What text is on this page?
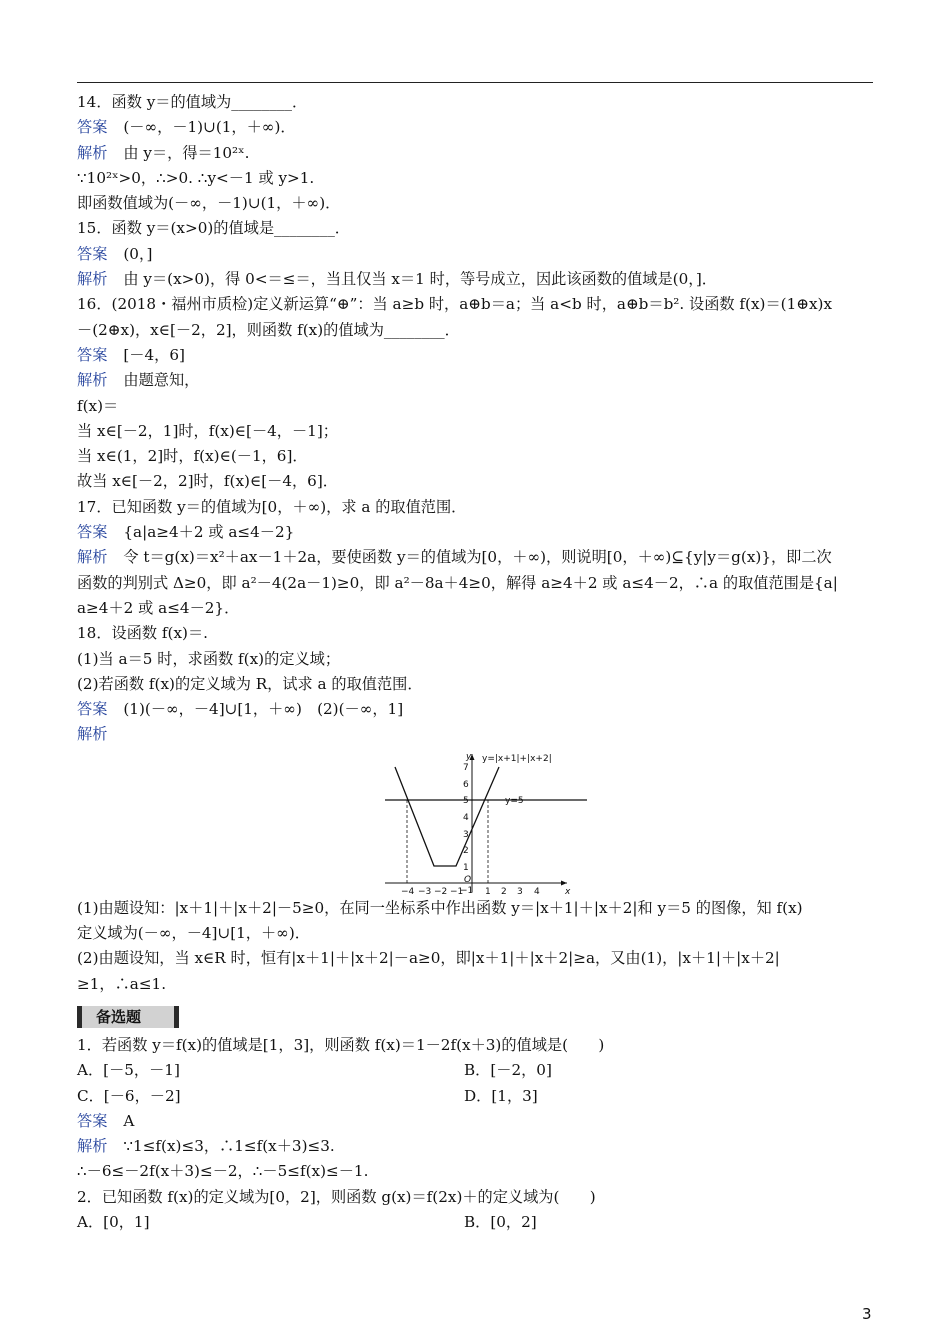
14．函数 y＝的值域为________．
答案 (－∞，－1)∪(1，＋∞)．
解析 由 y＝，得＝10²ˣ.
∵10²ˣ>0，∴>0. ∴y<－1 或 y>1.
即函数值域为(－∞，－1)∪(1，＋∞)．
15．函数 y＝(x>0)的值域是________．
答案 (0，]
解析 由 y＝(x>0)，得 0<＝≤＝，当且仅当 x＝1 时，等号成立，因此该函数的值域是(0，]．
16．(2018・福州市质检)定义新运算“⊕”：当 a≥b 时，a⊕b＝a；当 a<b 时，a⊕b＝b². 设函数 f(x)＝(1⊕x)x
－(2⊕x)，x∈[－2，2]，则函数 f(x)的值域为________．
答案 [－4，6]
解析 由题意知，
f(x)＝
当 x∈[－2，1]时，f(x)∈[－4，－1]；
当 x∈(1，2]时，f(x)∈(－1，6]．
故当 x∈[－2，2]时，f(x)∈[－4，6]．
17．已知函数 y＝的值域为[0，＋∞)，求 a 的取值范围．
答案 {a|a≥4＋2 或 a≤4－2}
解析 令 t＝g(x)＝x²＋ax－1＋2a，要使函数 y＝的值域为[0，＋∞)，则说明[0，＋∞)⊆{y|y＝g(x)}，即二次
函数的判别式 Δ≥0，即 a²－4(2a－1)≥0，即 a²－8a＋4≥0，解得 a≥4＋2 或 a≤4－2，∴a 的取值范围是{a|
a≥4＋2 或 a≤4－2}．
18．设函数 f(x)＝.
(1)当 a＝5 时，求函数 f(x)的定义域；
(2)若函数 f(x)的定义域为 R，试求 a 的取值范围．
答案 (1)(－∞，－4]∪[1，＋∞)　(2)(－∞，1]
解析
1
2
3
4
5
6
7
−1
y
x
O
−4 −3 −2 −1 1 2 3 4
y=|x+1|+|x+2|
y=5
(1)由题设知：|x＋1|＋|x＋2|－5≥0，在同一坐标系中作出函数 y＝|x＋1|＋|x＋2|和 y＝5 的图像，知 f(x)
定义域为(－∞，－4]∪[1，＋∞)．
(2)由题设知，当 x∈R 时，恒有|x＋1|＋|x＋2|－a≥0，即|x＋1|＋|x＋2|≥a，又由(1)，|x＋1|＋|x＋2|
≥1，∴a≤1.
备选题
1．若函数 y＝f(x)的值域是[1，3]，则函数 f(x)＝1－2f(x＋3)的值域是(　　)
A．[－5，－1]	B．[－2，0]
C．[－6，－2]	D．[1，3]
答案 A
解析 ∵1≤f(x)≤3，∴1≤f(x＋3)≤3.
∴－6≤－2f(x＋3)≤－2，∴－5≤f(x)≤－1.
2．已知函数 f(x)的定义域为[0，2]，则函数 g(x)＝f(2x)＋的定义域为(　　)
A．[0，1]	B．[0，2]
3
